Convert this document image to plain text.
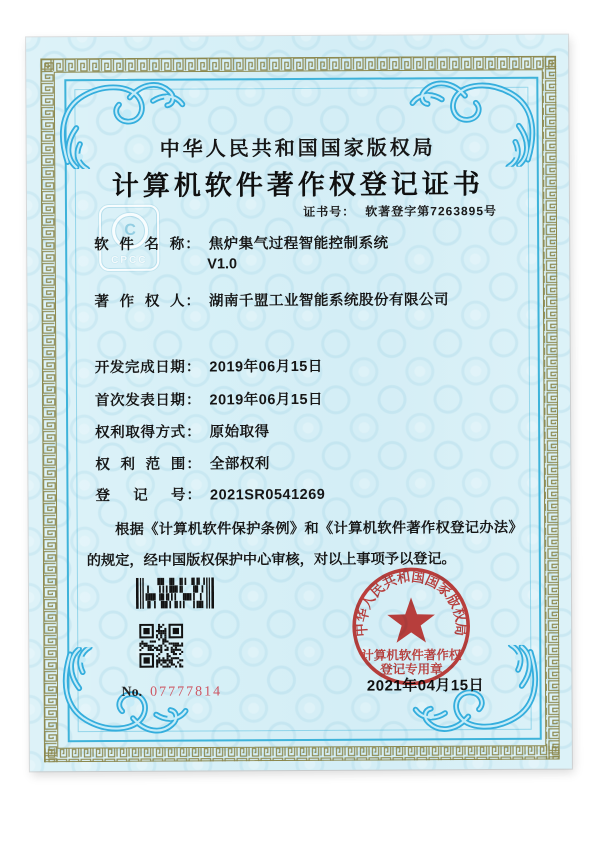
中华人民共和国国家版权局
计算机软件著作权登记证书
证书号： 软著登字第7263895号
C
CPCC
软件名称： 焦炉集气过程智能控制系统
V1.0
著作权人： 湖南千盟工业智能系统股份有限公司
开发完成日期： 2019年06月15日
首次发表日期： 2019年06月15日
权利取得方式： 原始取得
权利范围： 全部权利
登记号： 2021SR0541269
根据《计算机软件保护条例》和《计算机软件著作权登记办法》的规定，经中国版权保护中心审核，对以上事项予以登记。
No. 07777814	2021年04月15日
中华人民共和国国家版权局
计算机软件著作权
登记专用章
